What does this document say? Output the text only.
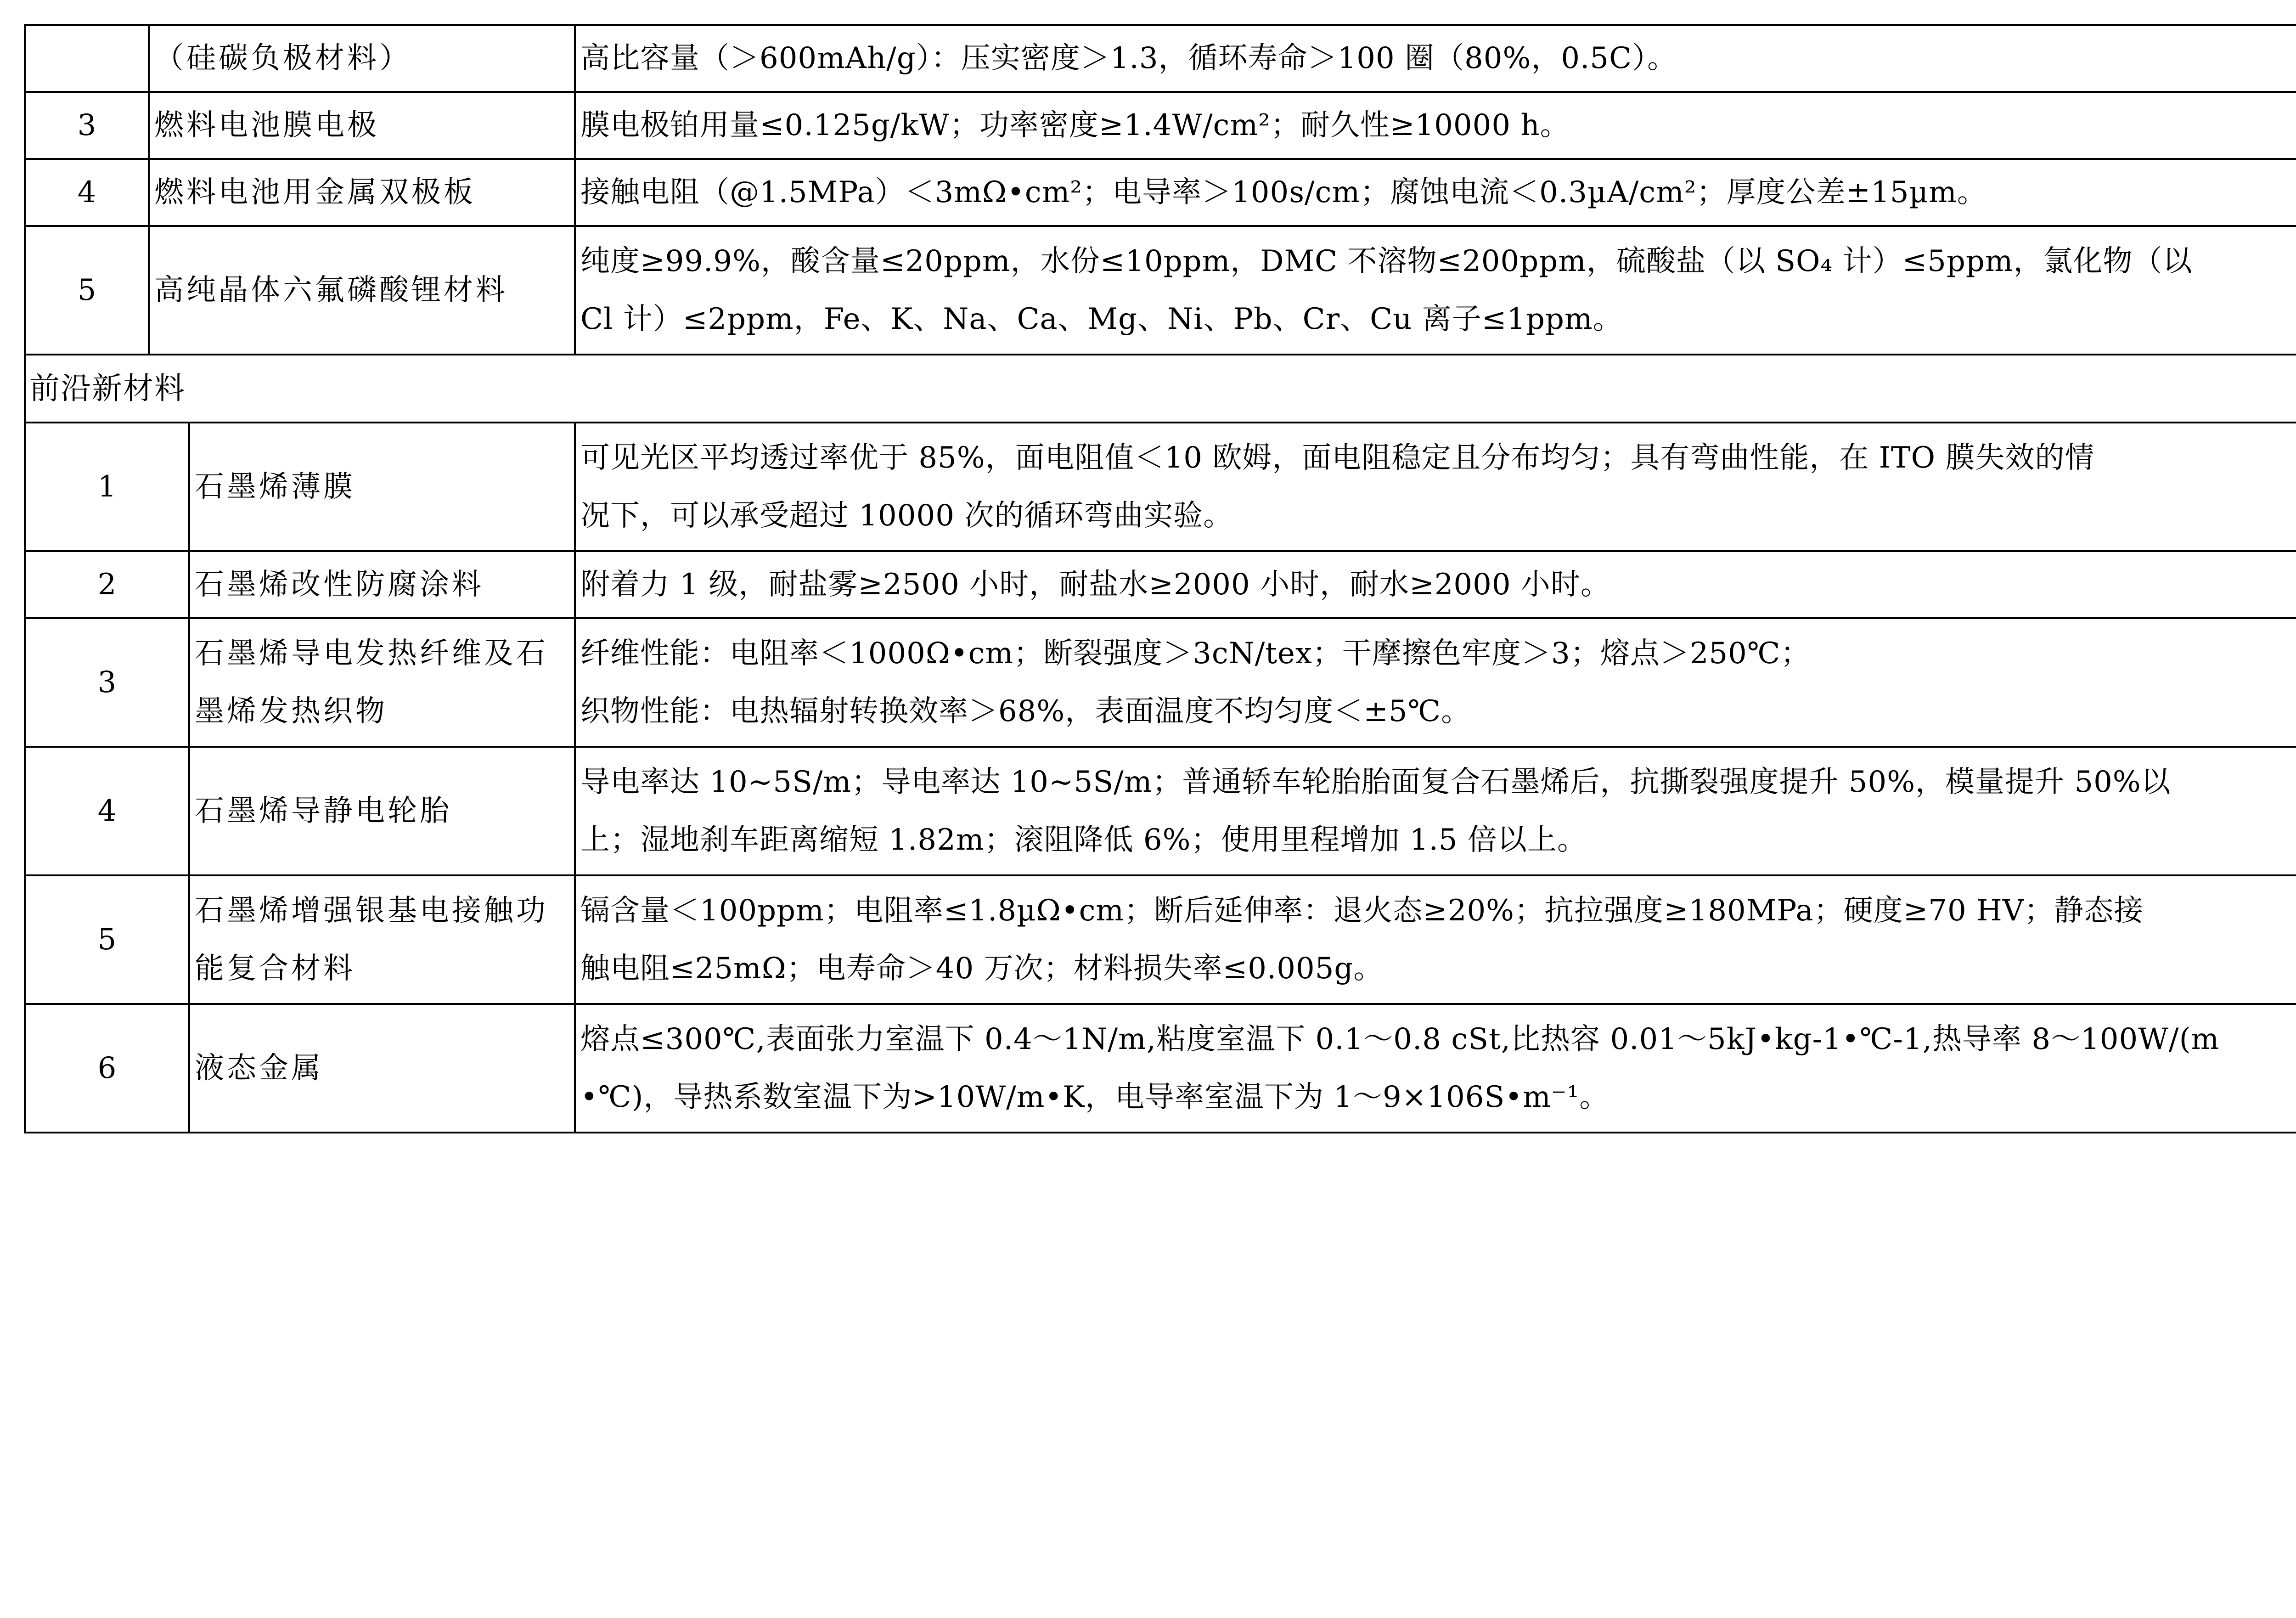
	（硅碳负极材料）		高比容量（＞600mAh/g）：压实密度＞1.3，循环寿命＞100 圈（80%，0.5C）。	
3	燃料电池膜电极		膜电极铂用量≤0.125g/kW；功率密度≥1.4W/cm²；耐久性≥10000 h。	
4	燃料电池用金属双极板		接触电阻（@1.5MPa）＜3mΩ•cm²；电导率＞100s/cm；腐蚀电流＜0.3µA/cm²；厚度公差±15µm。	
5	高纯晶体六氟磷酸锂材料		纯度≥99.9%，酸含量≤20ppm，水份≤10ppm，DMC 不溶物≤200ppm，硫酸盐（以 SO₄ 计）≤5ppm，氯化物（以
Cl 计）≤2ppm，Fe、K、Na、Ca、Mg、Ni、Pb、Cr、Cu 离子≤1ppm。

前沿新材料				
1		石墨烯薄膜	可见光区平均透过率优于 85%，面电阻值＜10 欧姆，面电阻稳定且分布均匀；具有弯曲性能，在 ITO 膜失效的情
况下，可以承受超过 10000 次的循环弯曲实验。

2		石墨烯改性防腐涂料	附着力 1 级，耐盐雾≥2500 小时，耐盐水≥2000 小时，耐水≥2000 小时。	
3		石墨烯导电发热纤维及石
墨烯发热织物	纤维性能：电阻率＜1000Ω•cm；断裂强度＞3cN/tex；干摩擦色牢度＞3；熔点＞250℃；
织物性能：电热辐射转换效率＞68%，表面温度不均匀度＜±5℃。

4		石墨烯导静电轮胎	导电率达 10~5S/m；导电率达 10~5S/m；普通轿车轮胎胎面复合石墨烯后，抗撕裂强度提升 50%，模量提升 50%以
上；湿地刹车距离缩短 1.82m；滚阻降低 6%；使用里程增加 1.5 倍以上。

5		石墨烯增强银基电接触功
能复合材料	镉含量＜100ppm；电阻率≤1.8µΩ•cm；断后延伸率：退火态≥20%；抗拉强度≥180MPa；硬度≥70 HV；静态接
触电阻≤25mΩ；电寿命＞40 万次；材料损失率≤0.005g。

6		液态金属	熔点≤300℃,表面张力室温下 0.4～1N/m,粘度室温下 0.1～0.8 cSt,比热容 0.01～5kJ•kg-1•℃-1,热导率 8～100W/(m
•℃)，导热系数室温下为>10W/m•K，电导率室温下为 1～9×106S•m⁻¹。
